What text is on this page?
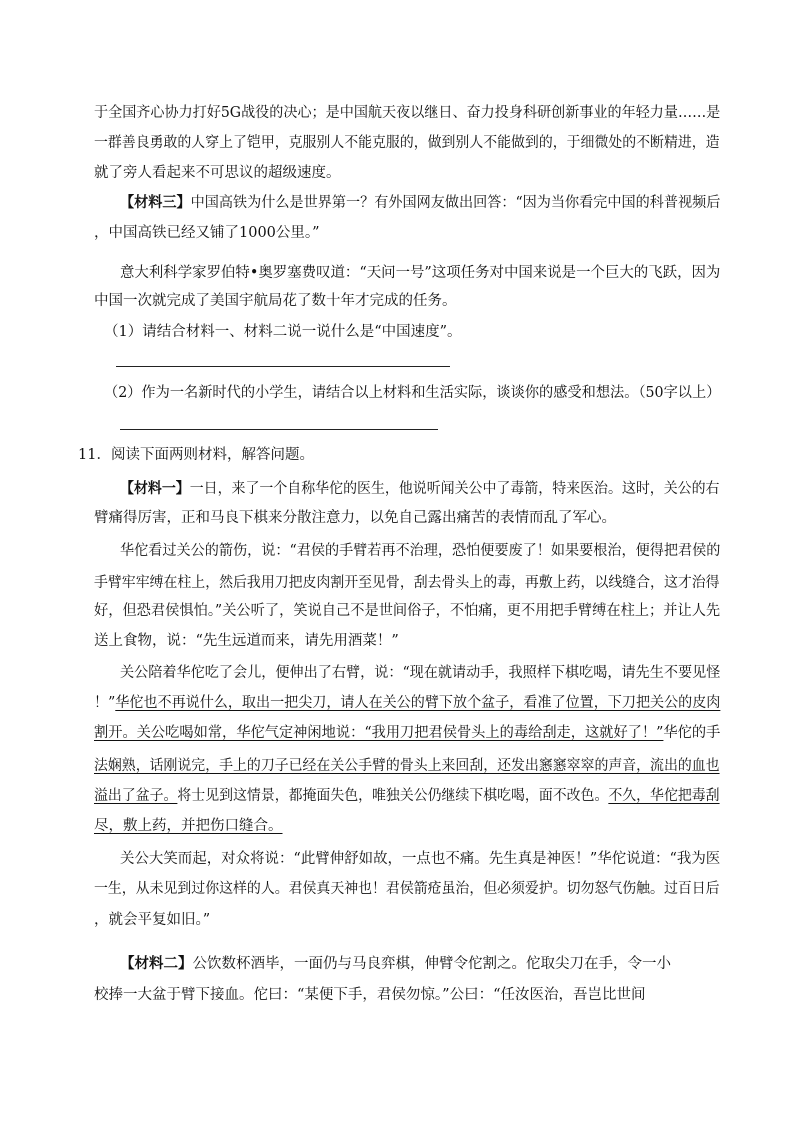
于全国齐心协力打好5G战役的决心；是中国航天夜以继日、奋力投身科研创新事业的年轻力量……是
一群善良勇敢的人穿上了铠甲，克服别人不能克服的，做到别人不能做到的，于细微处的不断精进，造
就了旁人看起来不可思议的超级速度。
【材料三】中国高铁为什么是世界第一？有外国网友做出回答：“因为当你看完中国的科普视频后
，中国高铁已经又铺了1000公里。”
意大利科学家罗伯特•奥罗塞费叹道：“天问一号”这项任务对中国来说是一个巨大的飞跃，因为
中国一次就完成了美国宇航局花了数十年才完成的任务。
（1）请结合材料一、材料二说一说什么是“中国速度”。
（2）作为一名新时代的小学生，请结合以上材料和生活实际，谈谈你的感受和想法。（50字以上）
11．阅读下面两则材料，解答问题。
【材料一】一日，来了一个自称华佗的医生，他说听闻关公中了毒箭，特来医治。这时，关公的右
臂痛得厉害，正和马良下棋来分散注意力，以免自己露出痛苦的表情而乱了军心。
华佗看过关公的箭伤，说：“君侯的手臂若再不治理，恐怕便要废了！如果要根治，便得把君侯的
手臂牢牢缚在柱上，然后我用刀把皮肉割开至见骨，刮去骨头上的毒，再敷上药，以线缝合，这才治得
好，但恐君侯惧怕。”关公听了，笑说自己不是世间俗子，不怕痛，更不用把手臂缚在柱上；并让人先
送上食物，说：“先生远道而来，请先用酒菜！”
关公陪着华佗吃了会儿，便伸出了右臂，说：“现在就请动手，我照样下棋吃喝，请先生不要见怪
！”华佗也不再说什么，取出一把尖刀，请人在关公的臂下放个盆子，看准了位置，下刀把关公的皮肉
割开。关公吃喝如常，华佗气定神闲地说：“我用刀把君侯骨头上的毒给刮走，这就好了！”华佗的手
法娴熟，话刚说完，手上的刀子已经在关公手臂的骨头上来回刮，还发出窸窸窣窣的声音，流出的血也
溢出了盆子。将士见到这情景，都掩面失色，唯独关公仍继续下棋吃喝，面不改色。不久，华佗把毒刮
尽，敷上药，并把伤口缝合。
关公大笑而起，对众将说：“此臂伸舒如故，一点也不痛。先生真是神医！”华佗说道：“我为医
一生，从未见到过你这样的人。君侯真天神也！君侯箭疮虽治，但必须爱护。切勿怒气伤触。过百日后
，就会平复如旧。”
【材料二】公饮数杯酒毕，一面仍与马良弈棋，伸臂令佗割之。佗取尖刀在手，令一小
校捧一大盆于臂下接血。佗曰：“某便下手，君侯勿惊。”公曰：“任汝医治，吾岂比世间
